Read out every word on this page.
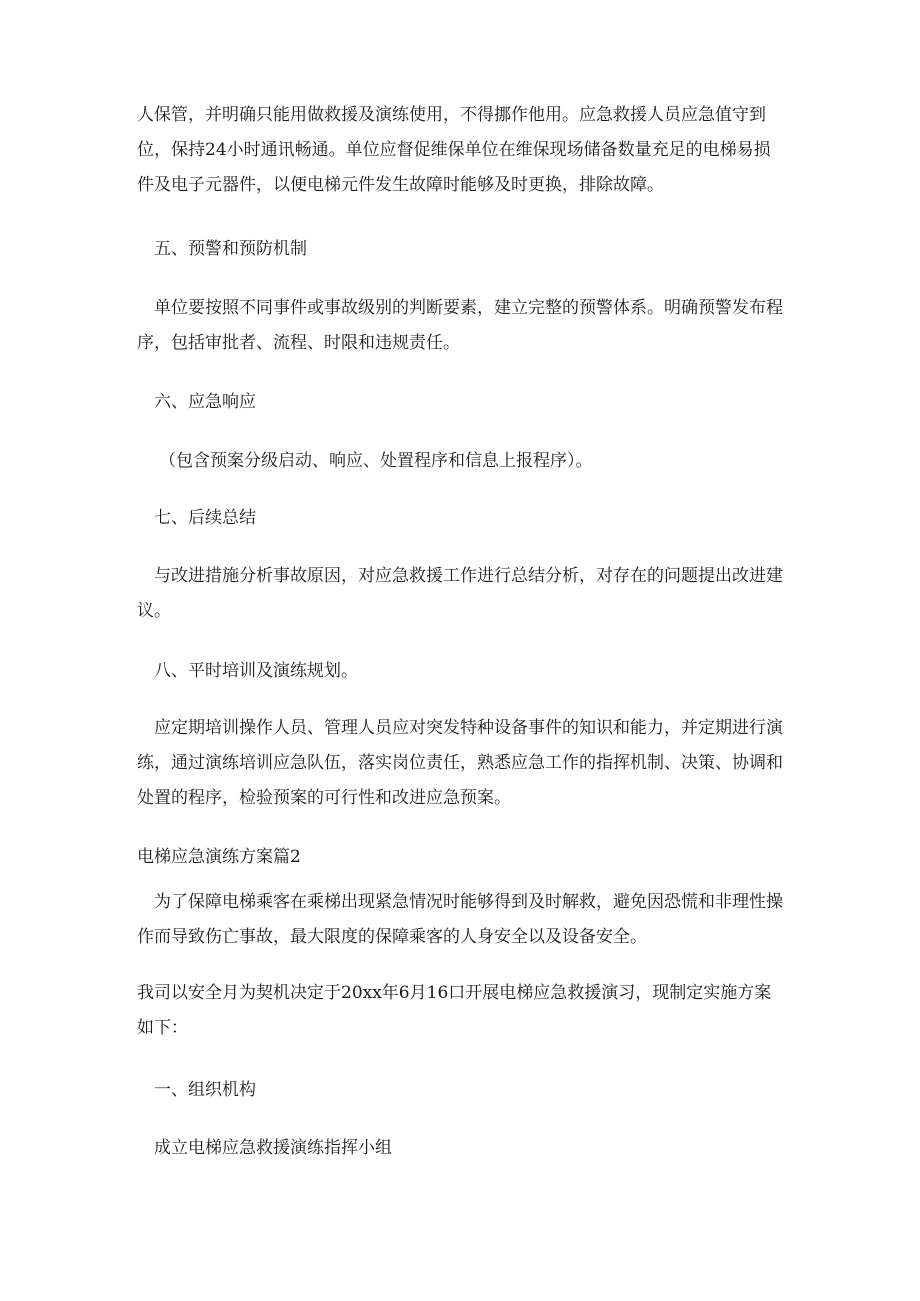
人保管，并明确只能用做救援及演练使用，不得挪作他用。应急救援人员应急值守到位，保持24小时通讯畅通。单位应督促维保单位在维保现场储备数量充足的电梯易损件及电子元器件，以便电梯元件发生故障时能够及时更换，排除故障。

五、预警和预防机制

单位要按照不同事件或事故级别的判断要素，建立完整的预警体系。明确预警发布程序，包括审批者、流程、时限和违规责任。

六、应急响应

（包含预案分级启动、响应、处置程序和信息上报程序）。

七、后续总结

与改进措施分析事故原因，对应急救援工作进行总结分析，对存在的问题提出改进建议。

八、平时培训及演练规划。

应定期培训操作人员、管理人员应对突发特种设备事件的知识和能力，并定期进行演练，通过演练培训应急队伍，落实岗位责任，熟悉应急工作的指挥机制、决策、协调和处置的程序，检验预案的可行性和改进应急预案。

电梯应急演练方案篇2

为了保障电梯乘客在乘梯出现紧急情况时能够得到及时解救，避免因恐慌和非理性操作而导致伤亡事故，最大限度的保障乘客的人身安全以及设备安全。

我司以安全月为契机决定于20xx年6月16口开展电梯应急救援演习，现制定实施方案如下：

一、组织机构

成立电梯应急救援演练指挥小组
